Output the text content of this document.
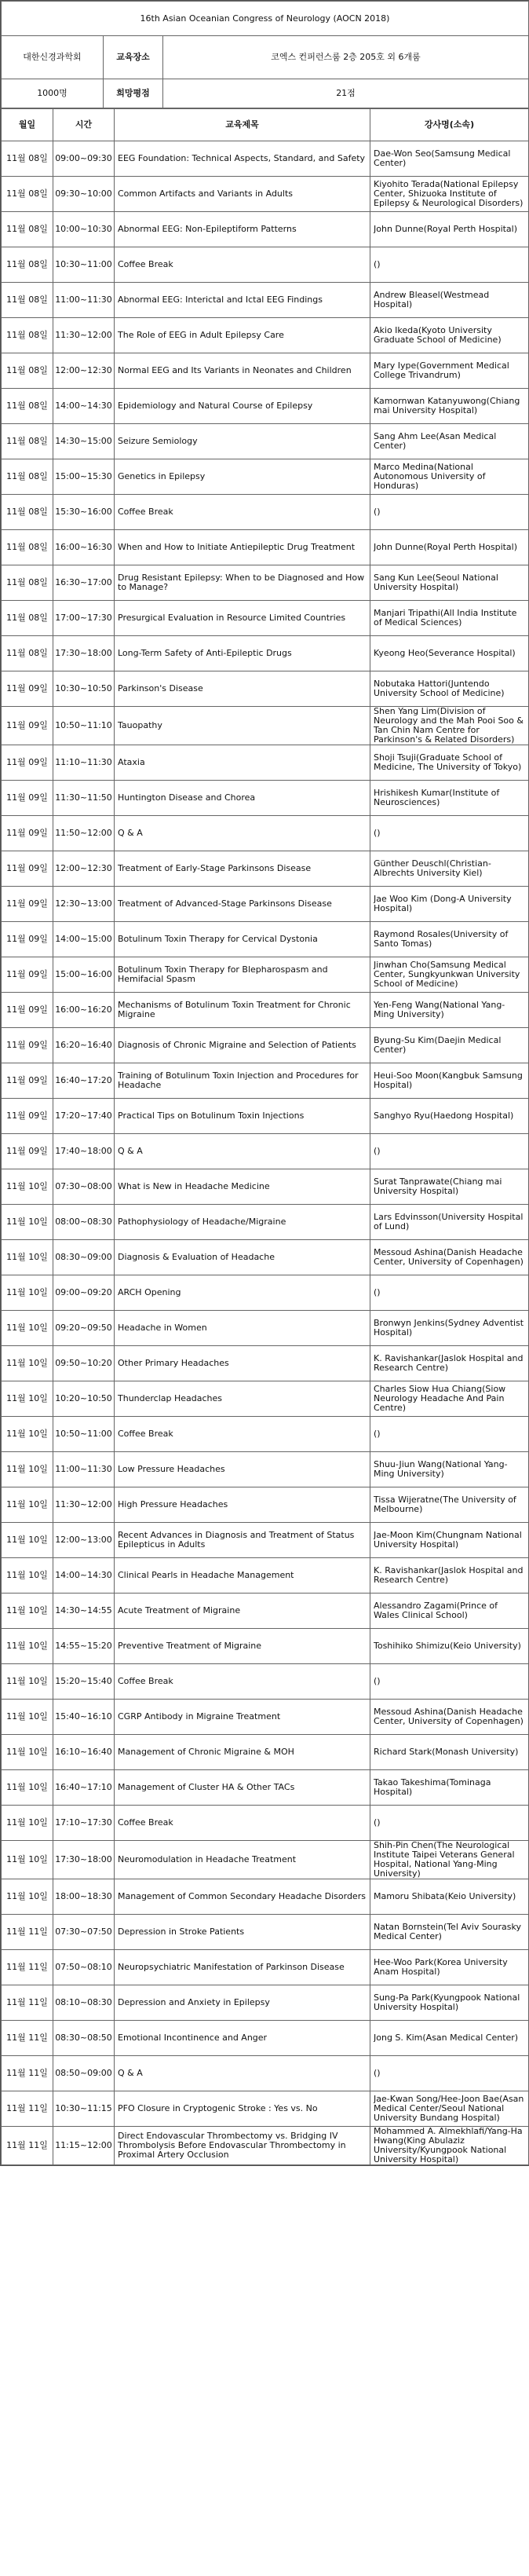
16th Asian Oceanian Congress of Neurology (AOCN 2018)		
대한신경과학회	교육장소	코엑스 컨퍼런스룸 2층 205호 외 6개룸
1000명	희망평점	21점
월일	시간	교육제목	강사명(소속)
11월 08일	09:00~09:30	EEG Foundation: Technical Aspects, Standard, and Safety	Dae-Won Seo(Samsung Medical Center)

11월 08일	09:30~10:00	Common Artifacts and Variants in Adults	Kiyohito Terada(National Epilepsy Center, Shizuoka Institute of Epilepsy & Neurological Disorders)

11월 08일	10:00~10:30	Abnormal EEG: Non-Epileptiform Patterns	John Dunne(Royal Perth Hospital)

11월 08일	10:30~11:00	Coffee Break	()

11월 08일	11:00~11:30	Abnormal EEG: Interictal and Ictal EEG Findings	Andrew Bleasel(Westmead Hospital)

11월 08일	11:30~12:00	The Role of EEG in Adult Epilepsy Care	Akio Ikeda(Kyoto University Graduate School of Medicine)

11월 08일	12:00~12:30	Normal EEG and Its Variants in Neonates and Children	Mary Iype(Government Medical College Trivandrum)

11월 08일	14:00~14:30	Epidemiology and Natural Course of Epilepsy	Kamornwan Katanyuwong(Chiang mai University Hospital)

11월 08일	14:30~15:00	Seizure Semiology	Sang Ahm Lee(Asan Medical Center)

11월 08일	15:00~15:30	Genetics in Epilepsy	Marco Medina(National Autonomous University of Honduras)

11월 08일	15:30~16:00	Coffee Break	()

11월 08일	16:00~16:30	When and How to Initiate Antiepileptic Drug Treatment	John Dunne(Royal Perth Hospital)

11월 08일	16:30~17:00	Drug Resistant Epilepsy: When to be Diagnosed and How to Manage?	Sang Kun Lee(Seoul National University Hospital)

11월 08일	17:00~17:30	Presurgical Evaluation in Resource Limited Countries	Manjari Tripathi(All India Institute of Medical Sciences)

11월 08일	17:30~18:00	Long-Term Safety of Anti-Epileptic Drugs	Kyeong Heo(Severance Hospital)

11월 09일	10:30~10:50	Parkinson's Disease	Nobutaka Hattori(Juntendo University School of Medicine)

11월 09일	10:50~11:10	Tauopathy	Shen Yang Lim(Division of Neurology and the Mah Pooi Soo & Tan Chin Nam Centre for Parkinson's & Related Disorders)

11월 09일	11:10~11:30	Ataxia	Shoji Tsuji(Graduate School of Medicine, The University of Tokyo)

11월 09일	11:30~11:50	Huntington Disease and Chorea	Hrishikesh Kumar(Institute of Neurosciences)

11월 09일	11:50~12:00	Q & A	()

11월 09일	12:00~12:30	Treatment of Early-Stage Parkinsons Disease	Günther Deuschl(Christian-Albrechts University Kiel)

11월 09일	12:30~13:00	Treatment of Advanced-Stage Parkinsons Disease	Jae Woo Kim (Dong-A University Hospital)

11월 09일	14:00~15:00	Botulinum Toxin Therapy for Cervical Dystonia	Raymond Rosales(University of Santo Tomas)

11월 09일	15:00~16:00	Botulinum Toxin Therapy for Blepharospasm and Hemifacial Spasm	Jinwhan Cho(Samsung Medical Center, Sungkyunkwan University School of Medicine)

11월 09일	16:00~16:20	Mechanisms of Botulinum Toxin Treatment for Chronic Migraine	Yen-Feng Wang(National Yang-Ming University)

11월 09일	16:20~16:40	Diagnosis of Chronic Migraine and Selection of Patients	Byung-Su Kim(Daejin Medical Center)

11월 09일	16:40~17:20	Training of Botulinum Toxin Injection and Procedures for Headache	Heui-Soo Moon(Kangbuk Samsung Hospital)

11월 09일	17:20~17:40	Practical Tips on Botulinum Toxin Injections	Sanghyo Ryu(Haedong Hospital)

11월 09일	17:40~18:00	Q & A	()

11월 10일	07:30~08:00	What is New in Headache Medicine	Surat Tanprawate(Chiang mai University Hospital)

11월 10일	08:00~08:30	Pathophysiology of Headache/Migraine	Lars Edvinsson(University Hospital of Lund)

11월 10일	08:30~09:00	Diagnosis & Evaluation of Headache	Messoud Ashina(Danish Headache Center, University of Copenhagen)

11월 10일	09:00~09:20	ARCH Opening	()

11월 10일	09:20~09:50	Headache in Women	Bronwyn Jenkins(Sydney Adventist Hospital)

11월 10일	09:50~10:20	Other Primary Headaches	K. Ravishankar(Jaslok Hospital and Research Centre)

11월 10일	10:20~10:50	Thunderclap Headaches	Charles Siow Hua Chiang(Siow Neurology Headache And Pain Centre)

11월 10일	10:50~11:00	Coffee Break	()

11월 10일	11:00~11:30	Low Pressure Headaches	Shuu-Jiun Wang(National Yang-Ming University)

11월 10일	11:30~12:00	High Pressure Headaches	Tissa Wijeratne(The University of Melbourne)

11월 10일	12:00~13:00	Recent Advances in Diagnosis and Treatment of Status Epilepticus in Adults	Jae-Moon Kim(Chungnam National University Hospital)

11월 10일	14:00~14:30	Clinical Pearls in Headache Management	K. Ravishankar(Jaslok Hospital and Research Centre)

11월 10일	14:30~14:55	Acute Treatment of Migraine	Alessandro Zagami(Prince of Wales Clinical School)

11월 10일	14:55~15:20	Preventive Treatment of Migraine	Toshihiko Shimizu(Keio University)

11월 10일	15:20~15:40	Coffee Break	()

11월 10일	15:40~16:10	CGRP Antibody in Migraine Treatment	Messoud Ashina(Danish Headache Center, University of Copenhagen)

11월 10일	16:10~16:40	Management of Chronic Migraine & MOH	Richard Stark(Monash University)

11월 10일	16:40~17:10	Management of Cluster HA & Other TACs	Takao Takeshima(Tominaga Hospital)

11월 10일	17:10~17:30	Coffee Break	()

11월 10일	17:30~18:00	Neuromodulation in Headache Treatment	Shih-Pin Chen(The Neurological Institute Taipei Veterans General Hospital, National Yang-Ming University)

11월 10일	18:00~18:30	Management of Common Secondary Headache Disorders	Mamoru Shibata(Keio University)

11월 11일	07:30~07:50	Depression in Stroke Patients	Natan Bornstein(Tel Aviv Sourasky Medical Center)

11월 11일	07:50~08:10	Neuropsychiatric Manifestation of Parkinson Disease	Hee-Woo Park(Korea University Anam Hospital)

11월 11일	08:10~08:30	Depression and Anxiety in Epilepsy	Sung-Pa Park(Kyungpook National University Hospital)

11월 11일	08:30~08:50	Emotional Incontinence and Anger	Jong S. Kim(Asan Medical Center)

11월 11일	08:50~09:00	Q & A	()

11월 11일	10:30~11:15	PFO Closure in Cryptogenic Stroke : Yes vs. No	Jae-Kwan Song/Hee-Joon Bae(Asan Medical Center/Seoul National University Bundang Hospital)

11월 11일	11:15~12:00	Direct Endovascular Thrombectomy vs. Bridging IV Thrombolysis Before Endovascular Thrombectomy in Proximal Artery Occlusion	Mohammed A. Almekhlafi/Yang-Ha Hwang(King Abulaziz University/Kyungpook National University Hospital)
